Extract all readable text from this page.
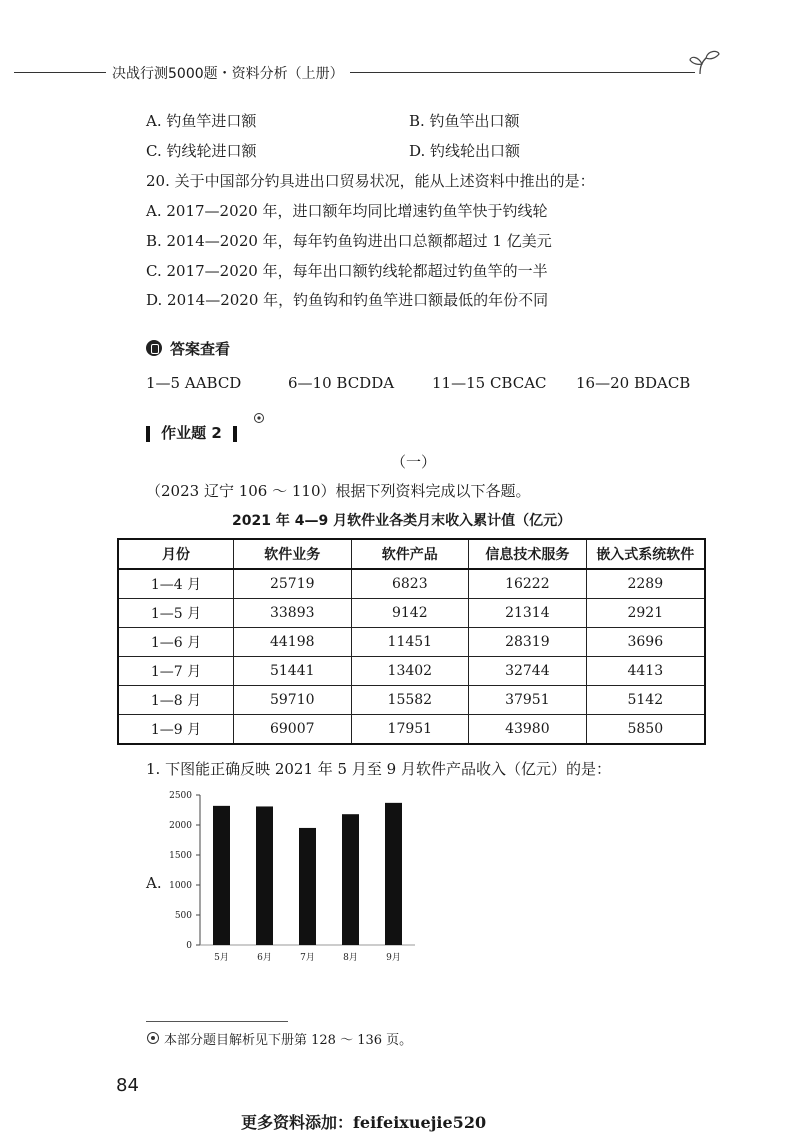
决战行测5000题・资料分析（上册）
A. 钓鱼竿进口额	B. 钓鱼竿出口额
C. 钓线轮进口额	D. 钓线轮出口额
20. 关于中国部分钓具进出口贸易状况，能从上述资料中推出的是：
A. 2017—2020 年，进口额年均同比增速钓鱼竿快于钓线轮
B. 2014—2020 年，每年钓鱼钩进出口总额都超过 1 亿美元
C. 2017—2020 年，每年出口额钓线轮都超过钓鱼竿的一半
D. 2014—2020 年，钓鱼钩和钓鱼竿进口额最低的年份不同
答案查看
1—5 AABCD	6—10 BCDDA	11—15 CBCAC 16—20 BDACB
作业题 2
（一）
（2023 辽宁 106 ～ 110）根据下列资料完成以下各题。
2021 年 4—9 月软件业各类月末收入累计值（亿元）
月份	软件业务	软件产品	信息技术服务	嵌入式系统软件
1—4 月	25719	6823	16222	2289
1—5 月	33893	9142	21314	2921
1—6 月	44198	11451	28319	3696
1—7 月	51441	13402	32744	4413
1—8 月	59710	15582	37951	5142
1—9 月	69007	17951	43980	5850
1. 下图能正确反映 2021 年 5 月至 9 月软件产品收入（亿元）的是：
A.
0
500
1000
1500
2000
2500
5月	6月	7月	8月	9月
本部分题目解析见下册第 128 ～ 136 页。
84
更多资料添加：feifeixuejie520
